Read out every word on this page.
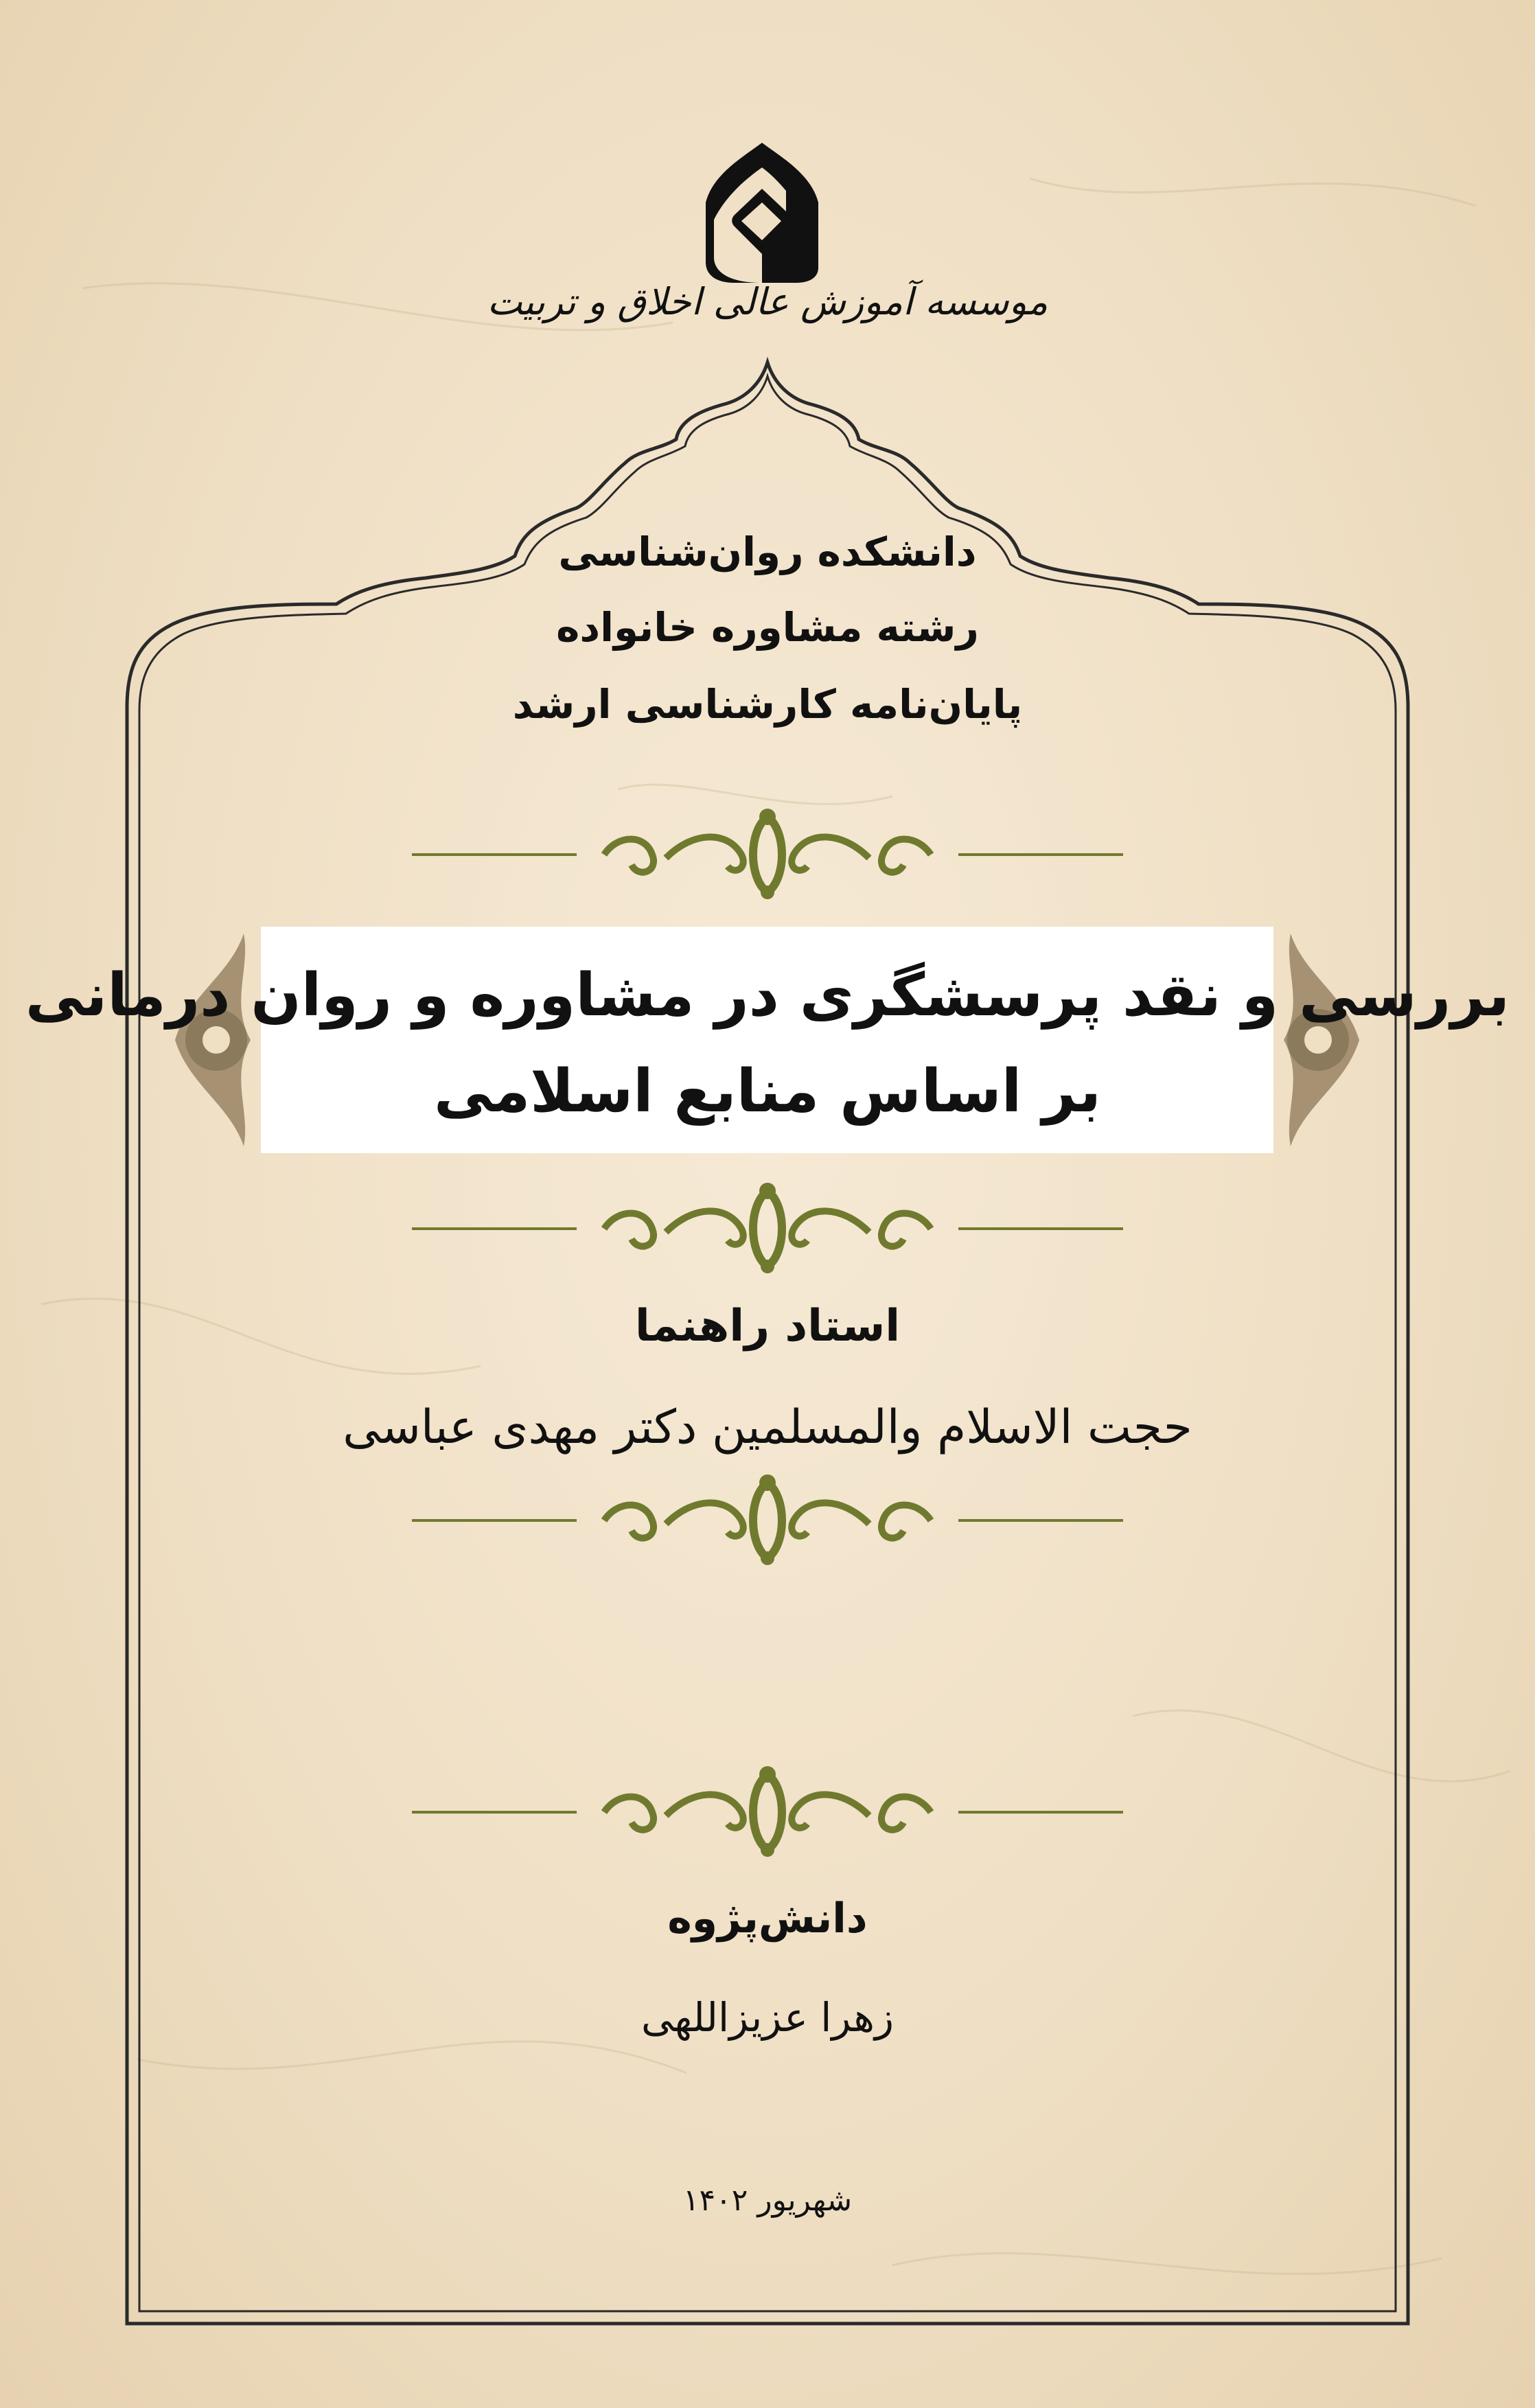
موسسه آموزش عالی اخلاق و تربیت
دانشکده روان‌شناسی
رشته مشاوره خانواده
پایان‌نامه کارشناسی ارشد
بررسی و نقد پرسشگری در مشاوره و روان درمانی
بر اساس منابع اسلامی
استاد راهنما
حجت الاسلام والمسلمین دکتر مهدی عباسی
دانش‌پژوه
زهرا عزیزاللهی
شهریور ۱۴۰۲
